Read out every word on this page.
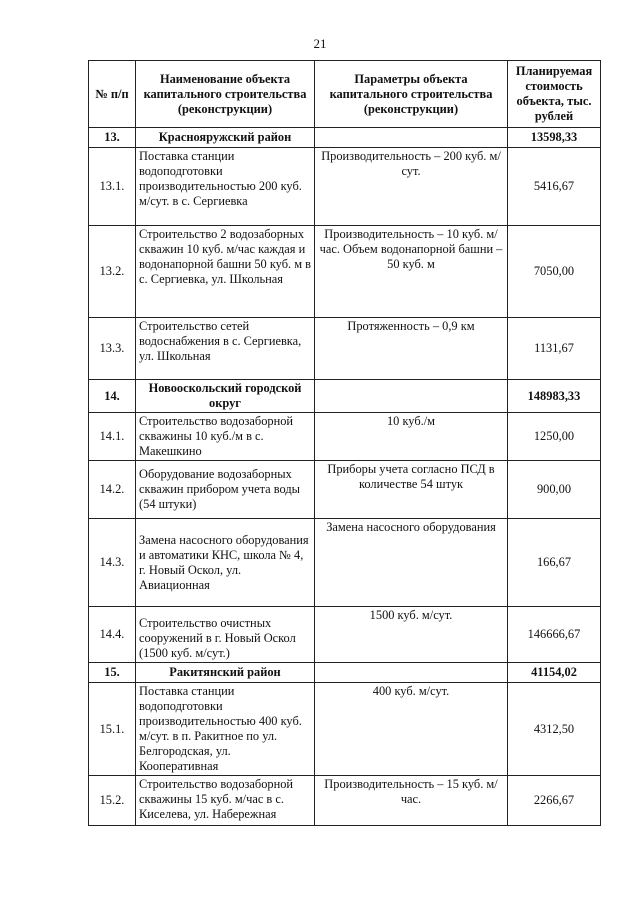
21
№ п/п	Наименование объекта капитального строительства (реконструкции)	Параметры объекта капитального строительства (реконструкции)	Планируемая стоимость объекта, тыс. рублей
13.	Краснояружский район		13598,33
13.1.	Поставка станции водоподготовки производительностью 200 куб. м/сут. в с. Сергиевка	Производительность – 200 куб. м/сут.	5416,67
13.2.	Строительство 2 водозаборных скважин 10 куб. м/час каждая и водонапорной башни 50 куб. м в с. Сергиевка, ул. Школьная	Производительность – 10 куб. м/час. Объем водонапорной башни – 50 куб. м	7050,00
13.3.	Строительство сетей водоснабжения в с. Сергиевка, ул. Школьная	Протяженность – 0,9 км	1131,67
14.	Новооскольский городской округ		148983,33
14.1.	Строительство водозаборной скважины 10 куб./м в с. Макешкино	10 куб./м	1250,00
14.2.	Оборудование водозаборных скважин прибором учета воды (54 штуки)	Приборы учета согласно ПСД в количестве 54 штук	900,00
14.3.	Замена насосного оборудования и автоматики КНС, школа № 4, г. Новый Оскол, ул. Авиационная	Замена насосного оборудования	166,67
14.4.	Строительство очистных сооружений в г. Новый Оскол (1500 куб. м/сут.)	1500 куб. м/сут.	146666,67
15.	Ракитянский район		41154,02
15.1.	Поставка станции водоподготовки производительностью 400 куб. м/сут. в п. Ракитное по ул. Белгородская, ул. Кооперативная	400 куб. м/сут.	4312,50
15.2.	Строительство водозаборной скважины 15 куб. м/час в с. Киселева, ул. Набережная	Производительность – 15 куб. м/час.	2266,67
